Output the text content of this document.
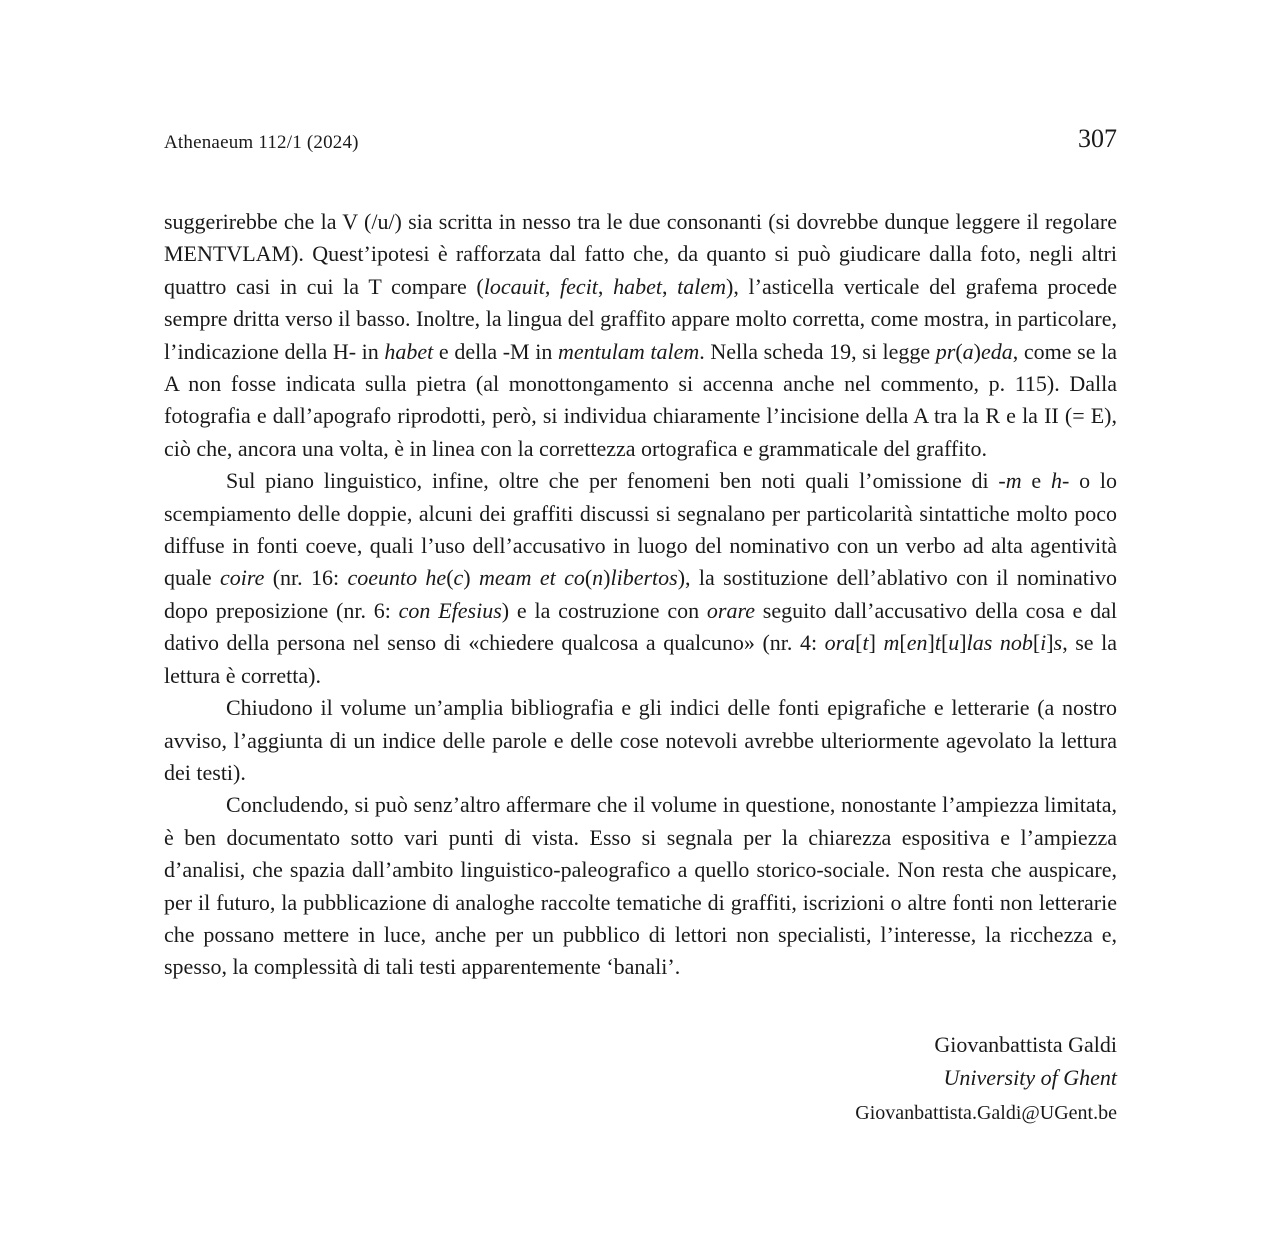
Athenaeum 112/1 (2024)	307

suggerirebbe che la V (/u/) sia scritta in nesso tra le due consonanti (si dovrebbe dunque leggere il regolare MENTVLAM). Quest’ipotesi è rafforzata dal fatto che, da quanto si può giudicare dalla foto, negli altri quattro casi in cui la T compare (locauit, fecit, habet, talem), l’asticella verticale del grafema procede sempre dritta verso il basso. Inoltre, la lingua del graffito appare molto corretta, come mostra, in particolare, l’indicazione della H- in habet e della -M in mentulam talem. Nella scheda 19, si legge pr(a)eda, come se la A non fosse indicata sulla pietra (al monottongamento si accenna anche nel commento, p. 115). Dalla fotografia e dall’apografo riprodotti, però, si individua chiaramente l’incisione della A tra la R e la II (= E), ciò che, ancora una volta, è in linea con la correttezza ortografica e grammaticale del graffito.

Sul piano linguistico, infine, oltre che per fenomeni ben noti quali l’omissione di -m e h- o lo scempiamento delle doppie, alcuni dei graffiti discussi si segnalano per particolarità sintattiche molto poco diffuse in fonti coeve, quali l’uso dell’accusativo in luogo del nominativo con un verbo ad alta agentività quale coire (nr. 16: coeunto he(c) meam et co(n)libertos), la sostituzione dell’ablativo con il nominativo dopo preposizione (nr. 6: con Efesius) e la costruzione con orare seguito dall’accusativo della cosa e dal dativo della persona nel senso di «chiedere qualcosa a qualcuno» (nr. 4: ora[t] m[en]t[u]las nob[i]s, se la lettura è corretta).

Chiudono il volume un’amplia bibliografia e gli indici delle fonti epigrafiche e letterarie (a nostro avviso, l’aggiunta di un indice delle parole e delle cose notevoli avrebbe ulteriormente agevolato la lettura dei testi).

Concludendo, si può senz’altro affermare che il volume in questione, nonostante l’ampiezza limitata, è ben documentato sotto vari punti di vista. Esso si segnala per la chiarezza espositiva e l’ampiezza d’analisi, che spazia dall’ambito linguistico-paleografico a quello storico-sociale. Non resta che auspicare, per il futuro, la pubblicazione di analoghe raccolte tematiche di graffiti, iscrizioni o altre fonti non letterarie che possano mettere in luce, anche per un pubblico di lettori non specialisti, l’interesse, la ricchezza e, spesso, la complessità di tali testi apparentemente ‘banali’.

Giovanbattista Galdi
University of Ghent
Giovanbattista.Galdi@UGent.be
